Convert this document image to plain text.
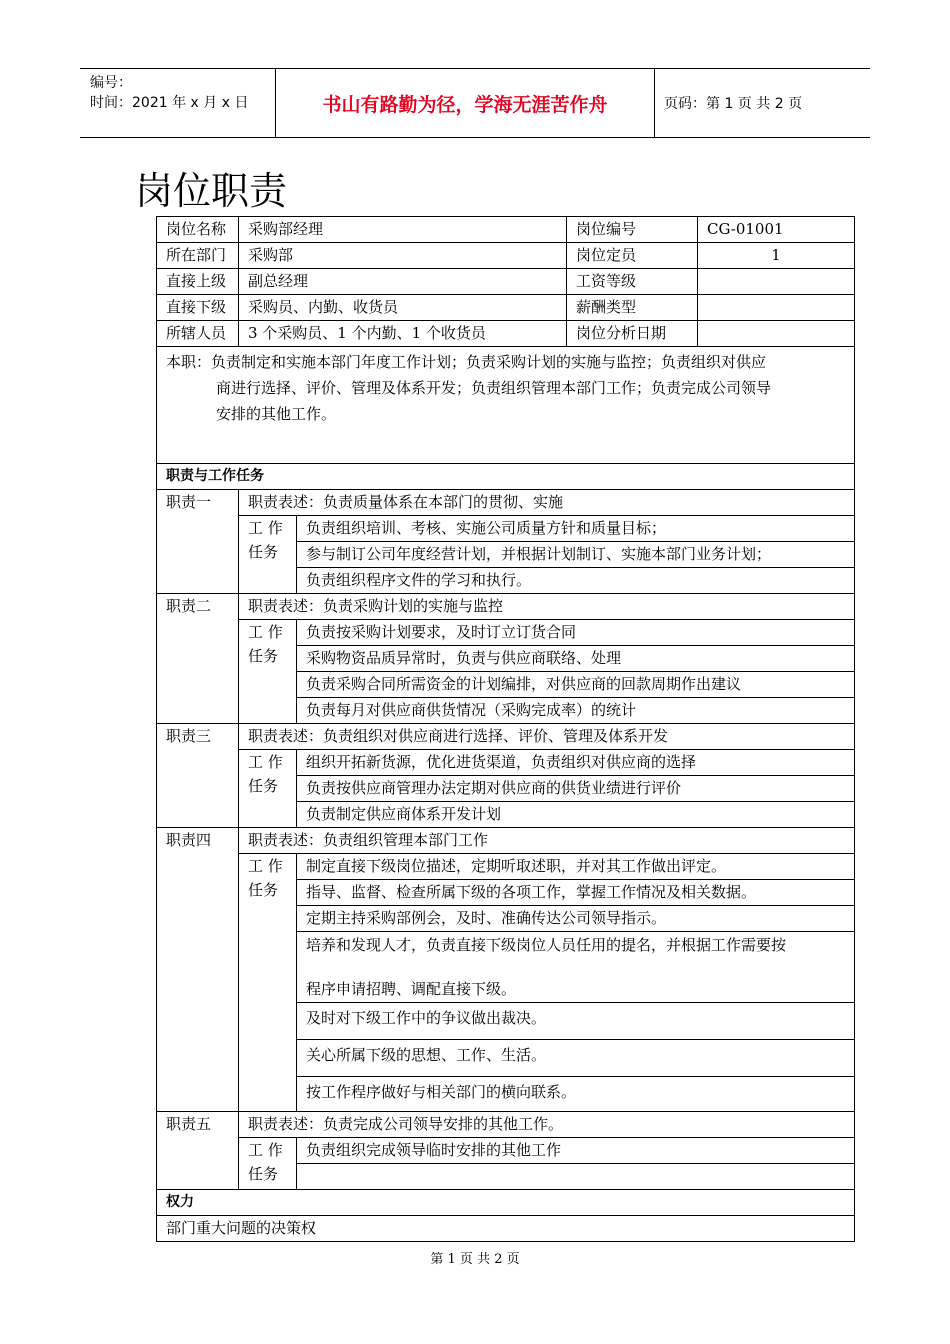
编号：
时间：2021 年 x 月 x 日	书山有路勤为径，学海无涯苦作舟	页码：第 1 页 共 2 页
岗位职责
岗位名称	采购部经理		岗位编号	CG-01001
所在部门	采购部		岗位定员	1
直接上级	副总经理		工资等级	
直接下级	采购员、内勤、收货员		薪酬类型	
所辖人员	3 个采购员、1 个内勤、1 个收货员		岗位分析日期	

本职：负责制定和实施本部门年度工作计划；负责采购计划的实施与监控；负责组织对供应
商进行选择、评价、管理及体系开发；负责组织管理本部门工作；负责完成公司领导
安排的其他工作。				

职责与工作任务				
职责一	职责表述：负责质量体系在本部门的贯彻、实施			

	工 作
任务	负责组织培训、考核、实施公司质量方针和质量目标；		
		参与制订公司年度经营计划，并根据计划制订、实施本部门业务计划；		
		负责组织程序文件的学习和执行。		
职责二	职责表述：负责采购计划的实施与监控			

	工 作
任务	负责按采购计划要求，及时订立订货合同		
		采购物资品质异常时，负责与供应商联络、处理		
		负责采购合同所需资金的计划编排，对供应商的回款周期作出建议		
		负责每月对供应商供货情况（采购完成率）的统计		
职责三	职责表述：负责组织对供应商进行选择、评价、管理及体系开发			

	工 作
任务	组织开拓新货源，优化进货渠道，负责组织对供应商的选择		
		负责按供应商管理办法定期对供应商的供货业绩进行评价		
		负责制定供应商体系开发计划		
职责四	职责表述：负责组织管理本部门工作			

	工 作
任务	制定直接下级岗位描述，定期听取述职，并对其工作做出评定。		
		指导、监督、检查所属下级的各项工作，掌握工作情况及相关数据。		
		定期主持采购部例会，及时、准确传达公司领导指示。		

		培养和发现人才，负责直接下级岗位人员任用的提名，并根据工作需要按
程序申请招聘、调配直接下级。		

		及时对下级工作中的争议做出裁决。		
		关心所属下级的思想、工作、生活。		
		按工作程序做好与相关部门的横向联系。		
职责五	职责表述：负责完成公司领导安排的其他工作。			

	工 作
任务	负责组织完成领导临时安排的其他工作		

权力				
部门重大问题的决策权				
第 1 页 共 2 页
